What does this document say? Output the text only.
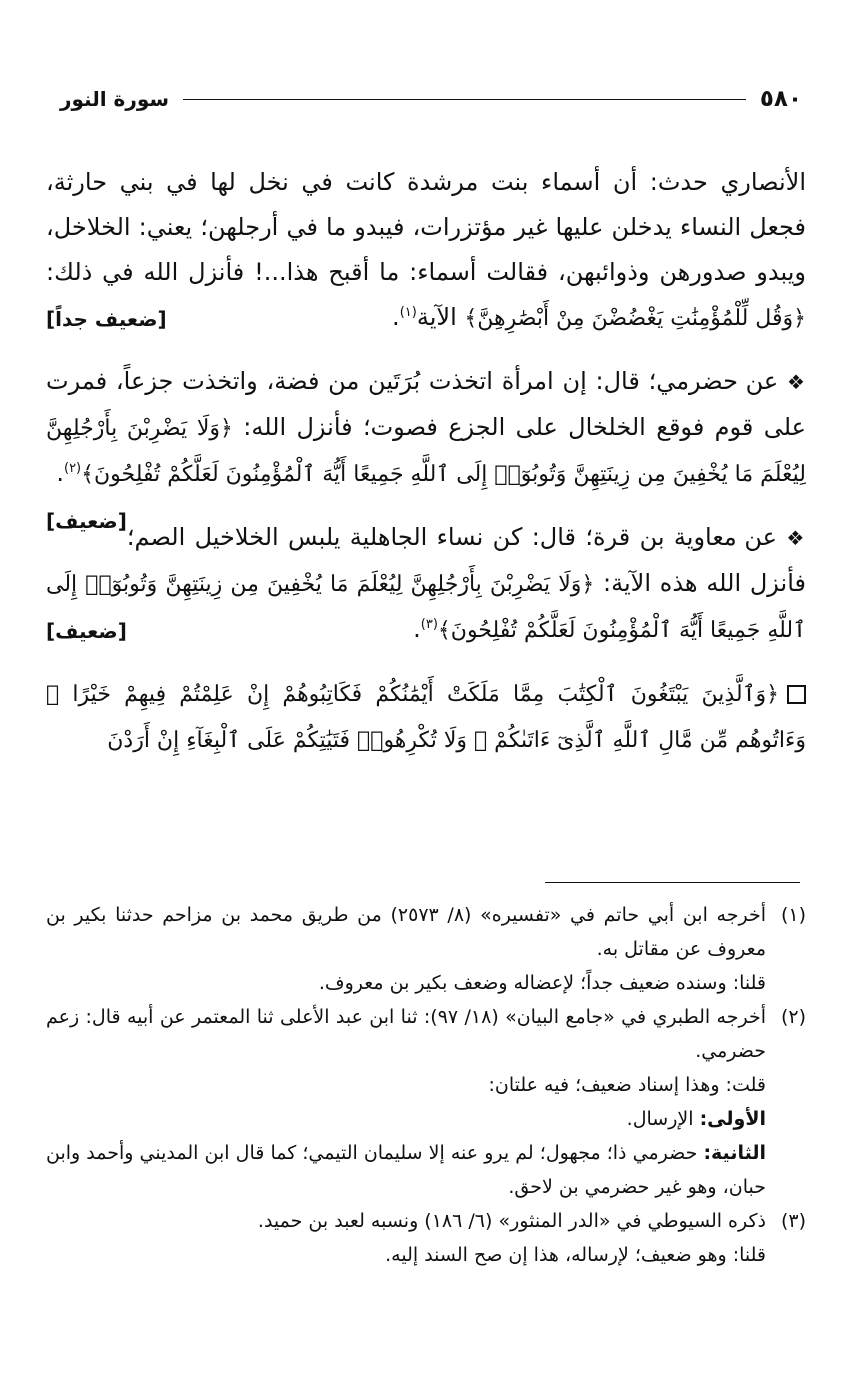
٥٨٠
سورة النور

الأنصاري حدث: أن أسماء بنت مرشدة كانت في نخل لها في بني حارثة، فجعل النساء يدخلن عليها غير مؤتزرات، فيبدو ما في أرجلهن؛ يعني: الخلاخل، ويبدو صدورهن وذوائبهن، فقالت أسماء: ما أقبح هذا...! فأنزل الله في ذلك: ﴿وَقُل لِّلْمُؤْمِنَٰتِ يَغْضُضْنَ مِنْ أَبْصَٰرِهِنَّ﴾ الآية$^{(١)}$.
[ضعيف جداً]

❖ عن حضرمي؛ قال: إن امرأة اتخذت بُرَتَين من فضة، واتخذت جزعاً، فمرت على قوم فوقع الخلخال على الجزع فصوت؛ فأنزل الله: ﴿وَلَا يَضْرِبْنَ بِأَرْجُلِهِنَّ لِيُعْلَمَ مَا يُخْفِينَ مِن زِينَتِهِنَّ وَتُوبُوٓا۟ إِلَى ٱللَّهِ جَمِيعًا أَيُّهَ ٱلْمُؤْمِنُونَ لَعَلَّكُمْ تُفْلِحُونَ﴾$^{(٢)}$.
[ضعيف]

❖ عن معاوية بن قرة؛ قال: كن نساء الجاهلية يلبس الخلاخيل الصم؛ فأنزل الله هذه الآية: ﴿وَلَا يَضْرِبْنَ بِأَرْجُلِهِنَّ لِيُعْلَمَ مَا يُخْفِينَ مِن زِينَتِهِنَّ وَتُوبُوٓا۟ إِلَى ٱللَّهِ جَمِيعًا أَيُّهَ ٱلْمُؤْمِنُونَ لَعَلَّكُمْ تُفْلِحُونَ﴾$^{(٣)}$.
[ضعيف]

﴿وَٱلَّذِينَ يَبْتَغُونَ ٱلْكِتَٰبَ مِمَّا مَلَكَتْ أَيْمَٰنُكُمْ فَكَاتِبُوهُمْ إِنْ عَلِمْتُمْ فِيهِمْ خَيْرًا ۖ وَءَاتُوهُم مِّن مَّالِ ٱللَّهِ ٱلَّذِىٓ ءَاتَىٰكُمْ ۚ وَلَا تُكْرِهُوا۟ فَتَيَٰتِكُمْ عَلَى ٱلْبِغَآءِ إِنْ أَرَدْنَ

(١)
أخرجه ابن أبي حاتم في «تفسيره» (٨/ ٢٥٧٣) من طريق محمد بن مزاحم حدثنا بكير بن معروف عن مقاتل به.
قلنا: وسنده ضعيف جداً؛ لإعضاله وضعف بكير بن معروف.
(٢)
أخرجه الطبري في «جامع البيان» (١٨/ ٩٧): ثنا ابن عبد الأعلى ثنا المعتمر عن أبيه قال: زعم حضرمي.
قلت: وهذا إسناد ضعيف؛ فيه علتان:
الأولى: الإرسال.
الثانية: حضرمي ذا؛ مجهول؛ لم يرو عنه إلا سليمان التيمي؛ كما قال ابن المديني وأحمد وابن حبان، وهو غير حضرمي بن لاحق.
(٣)
ذكره السيوطي في «الدر المنثور» (٦/ ١٨٦) ونسبه لعبد بن حميد.
قلنا: وهو ضعيف؛ لإرساله، هذا إن صح السند إليه.
